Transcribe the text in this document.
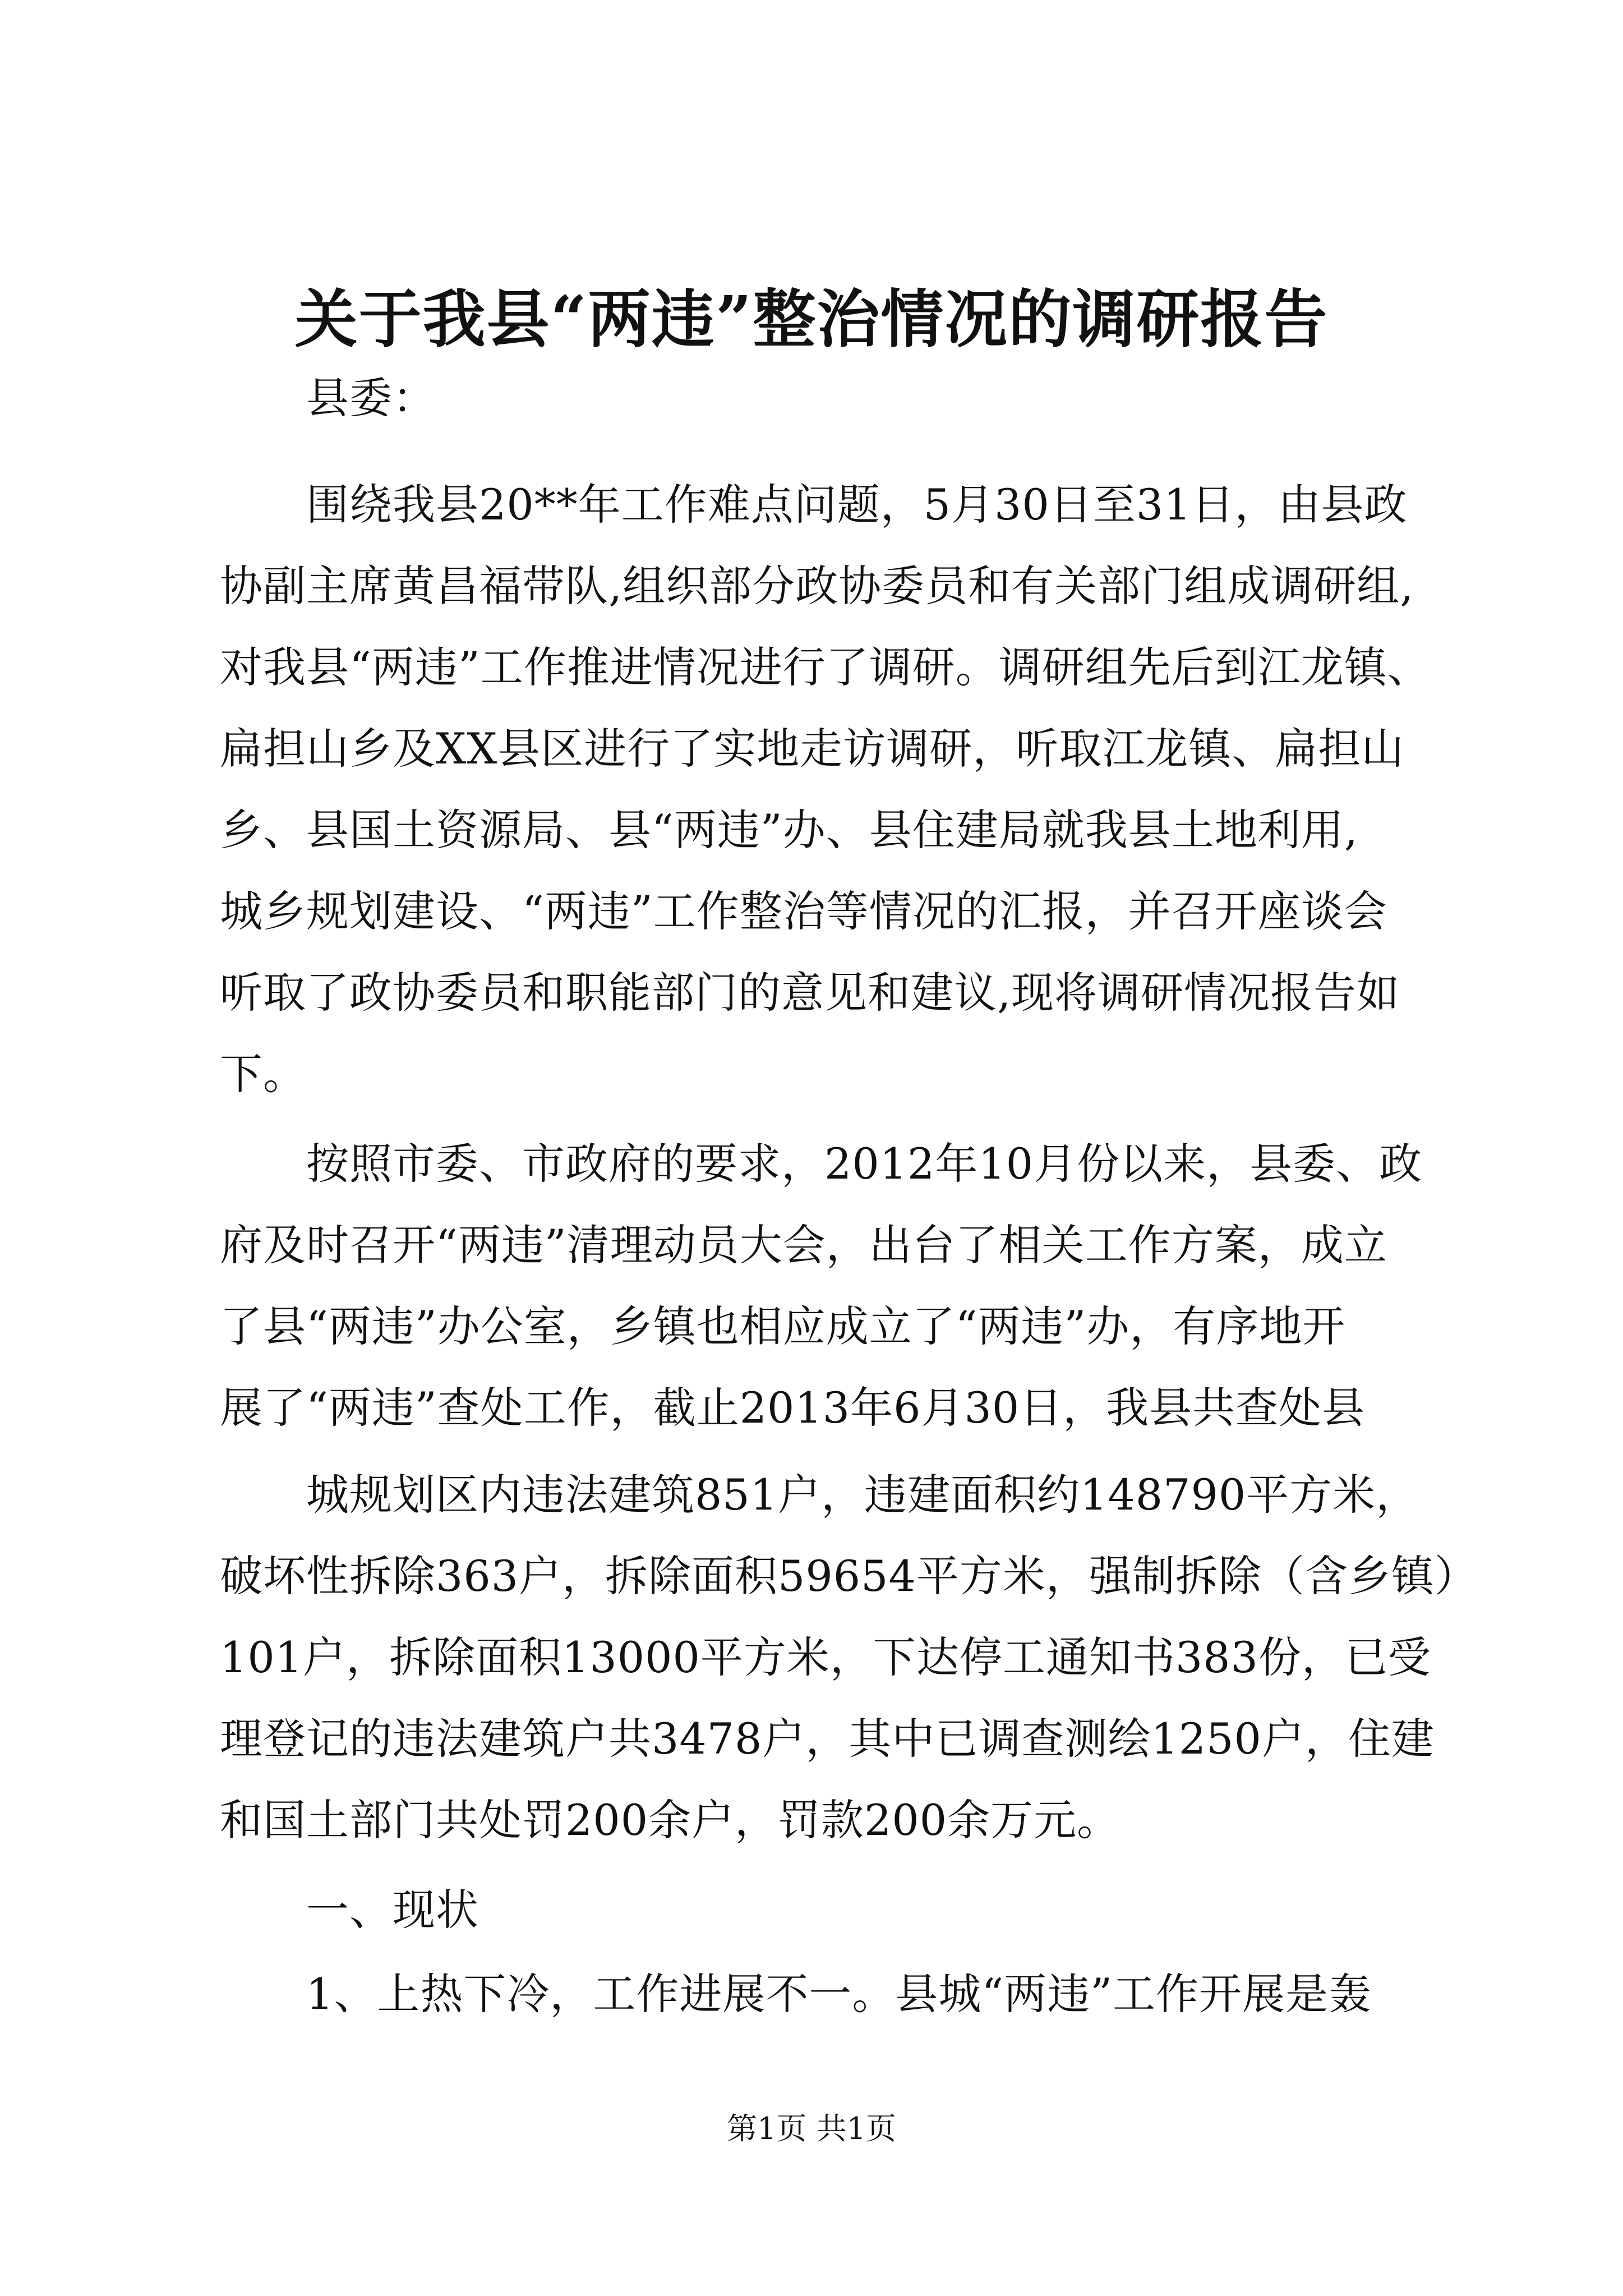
关于我县“两违”整治情况的调研报告
县委：
围绕我县20**年工作难点问题，5月30日至31日，由县政
协副主席黄昌福带队,组织部分政协委员和有关部门组成调研组,
对我县“两违”工作推进情况进行了调研。调研组先后到江龙镇、
扁担山乡及XX县区进行了实地走访调研，听取江龙镇、扁担山
乡、县国土资源局、县“两违”办、县住建局就我县土地利用,
城乡规划建设、“两违”工作整治等情况的汇报，并召开座谈会
听取了政协委员和职能部门的意见和建议,现将调研情况报告如
下。
按照市委、市政府的要求，2012年10月份以来，县委、政
府及时召开“两违”清理动员大会，出台了相关工作方案，成立
了县“两违”办公室，乡镇也相应成立了“两违”办，有序地开
展了“两违”查处工作，截止2013年6月30日，我县共查处县
城规划区内违法建筑851户，违建面积约148790平方米，
破坏性拆除363户，拆除面积59654平方米，强制拆除（含乡镇）
101户，拆除面积13000平方米，下达停工通知书383份，已受
理登记的违法建筑户共3478户，其中已调查测绘1250户，住建
和国土部门共处罚200余户，罚款200余万元。
一、现状
1、上热下冷，工作进展不一。县城“两违”工作开展是轰
第1页 共1页
